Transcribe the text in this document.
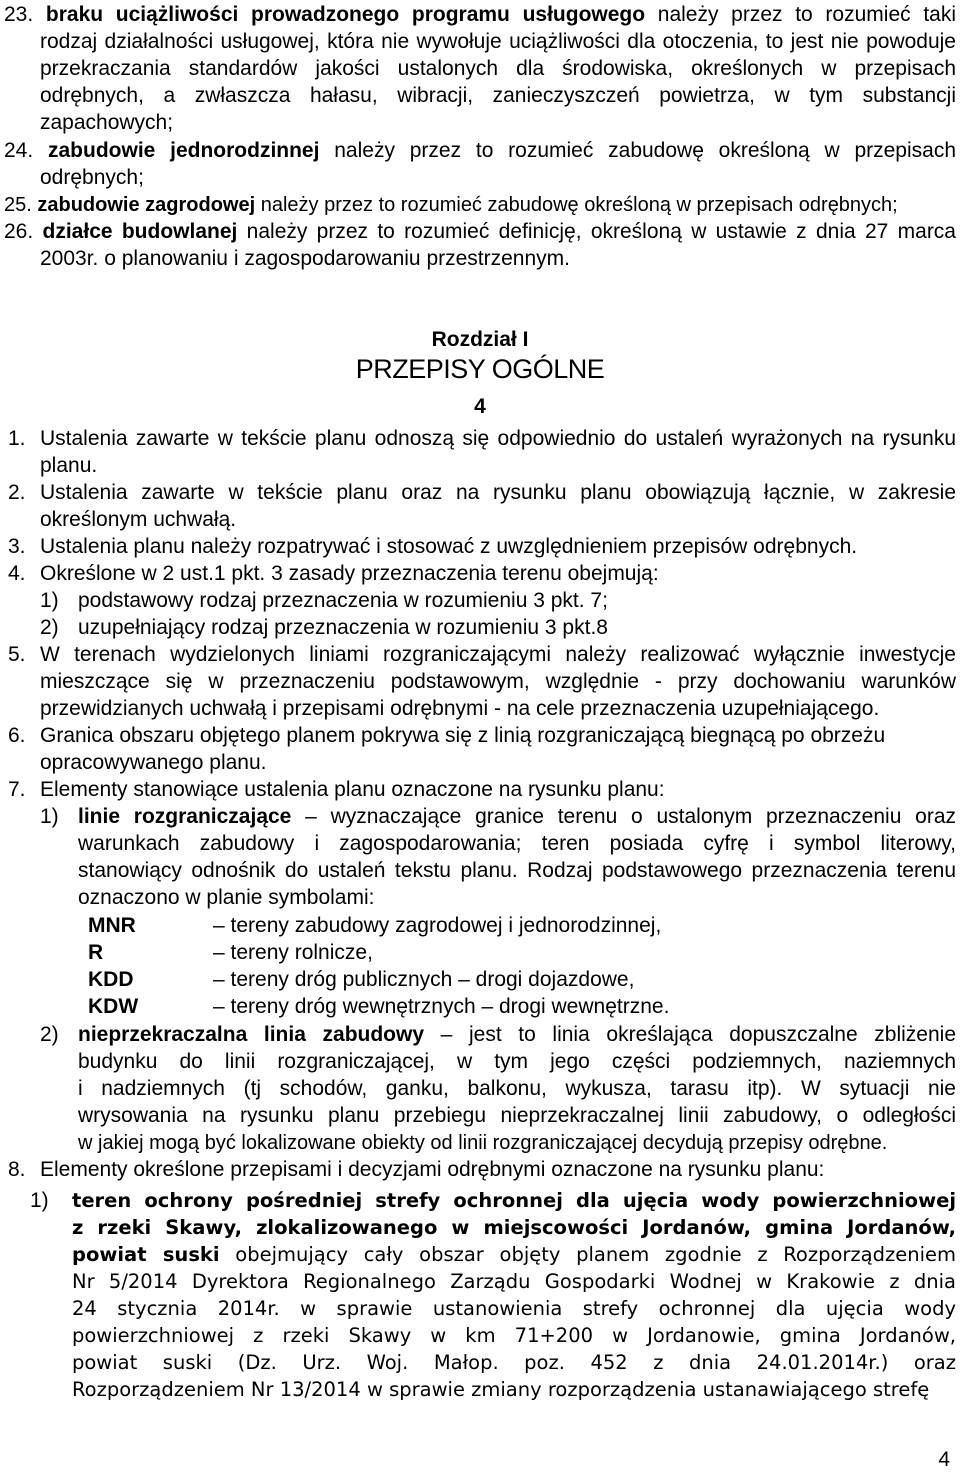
23. braku uciążliwości prowadzonego programu usługowego należy przez to rozumieć taki
rodzaj działalności usługowej, która nie wywołuje uciążliwości dla otoczenia, to jest nie powoduje
przekraczania standardów jakości ustalonych dla środowiska, określonych w przepisach
odrębnych, a zwłaszcza hałasu, wibracji, zanieczyszczeń powietrza, w tym substancji
zapachowych;
24. zabudowie jednorodzinnej należy przez to rozumieć zabudowę określoną w przepisach
odrębnych;
25. zabudowie zagrodowej należy przez to rozumieć zabudowę określoną w przepisach odrębnych;
26. działce budowlanej należy przez to rozumieć definicję, określoną w ustawie z dnia 27 marca
2003r. o planowaniu i zagospodarowaniu przestrzennym.
Rozdział I
PRZEPISY OGÓLNE
4
1. Ustalenia zawarte w tekście planu odnoszą się odpowiednio do ustaleń wyrażonych na rysunku
planu.
2. Ustalenia zawarte w tekście planu oraz na rysunku planu obowiązują łącznie, w zakresie
określonym uchwałą.
3. Ustalenia planu należy rozpatrywać i stosować z uwzględnieniem przepisów odrębnych.
4. Określone w 2 ust.1 pkt. 3 zasady przeznaczenia terenu obejmują:
1) podstawowy rodzaj przeznaczenia w rozumieniu 3 pkt. 7;
2) uzupełniający rodzaj przeznaczenia w rozumieniu 3 pkt.8
5. W terenach wydzielonych liniami rozgraniczającymi należy realizować wyłącznie inwestycje
mieszczące się w przeznaczeniu podstawowym, względnie - przy dochowaniu warunków
przewidzianych uchwałą i przepisami odrębnymi - na cele przeznaczenia uzupełniającego.
6. Granica obszaru objętego planem pokrywa się z linią rozgraniczającą biegnącą po obrzeżu
opracowywanego planu.
7. Elementy stanowiące ustalenia planu oznaczone na rysunku planu:
1) linie rozgraniczające – wyznaczające granice terenu o ustalonym przeznaczeniu oraz
warunkach zabudowy i zagospodarowania; teren posiada cyfrę i symbol literowy,
stanowiący odnośnik do ustaleń tekstu planu. Rodzaj podstawowego przeznaczenia terenu
oznaczono w planie symbolami:
MNR	– tereny zabudowy zagrodowej i jednorodzinnej,
R	– tereny rolnicze,
KDD	– tereny dróg publicznych – drogi dojazdowe,
KDW	– tereny dróg wewnętrznych – drogi wewnętrzne.
2) nieprzekraczalna linia zabudowy – jest to linia określająca dopuszczalne zbliżenie
budynku do linii rozgraniczającej, w tym jego części podziemnych, naziemnych
i nadziemnych (tj schodów, ganku, balkonu, wykusza, tarasu itp). W sytuacji nie
wrysowania na rysunku planu przebiegu nieprzekraczalnej linii zabudowy, o odległości
w jakiej mogą być lokalizowane obiekty od linii rozgraniczającej decydują przepisy odrębne.
8. Elementy określone przepisami i decyzjami odrębnymi oznaczone na rysunku planu:
1) teren ochrony pośredniej strefy ochronnej dla ujęcia wody powierzchniowej
z rzeki Skawy, zlokalizowanego w miejscowości Jordanów, gmina Jordanów,
powiat suski obejmujący cały obszar objęty planem zgodnie z Rozporządzeniem
Nr 5/2014 Dyrektora Regionalnego Zarządu Gospodarki Wodnej w Krakowie z dnia
24 stycznia 2014r. w sprawie ustanowienia strefy ochronnej dla ujęcia wody
powierzchniowej z rzeki Skawy w km 71+200 w Jordanowie, gmina Jordanów,
powiat suski (Dz. Urz. Woj. Małop. poz. 452 z dnia 24.01.2014r.) oraz
Rozporządzeniem Nr 13/2014 w sprawie zmiany rozporządzenia ustanawiającego strefę
4
